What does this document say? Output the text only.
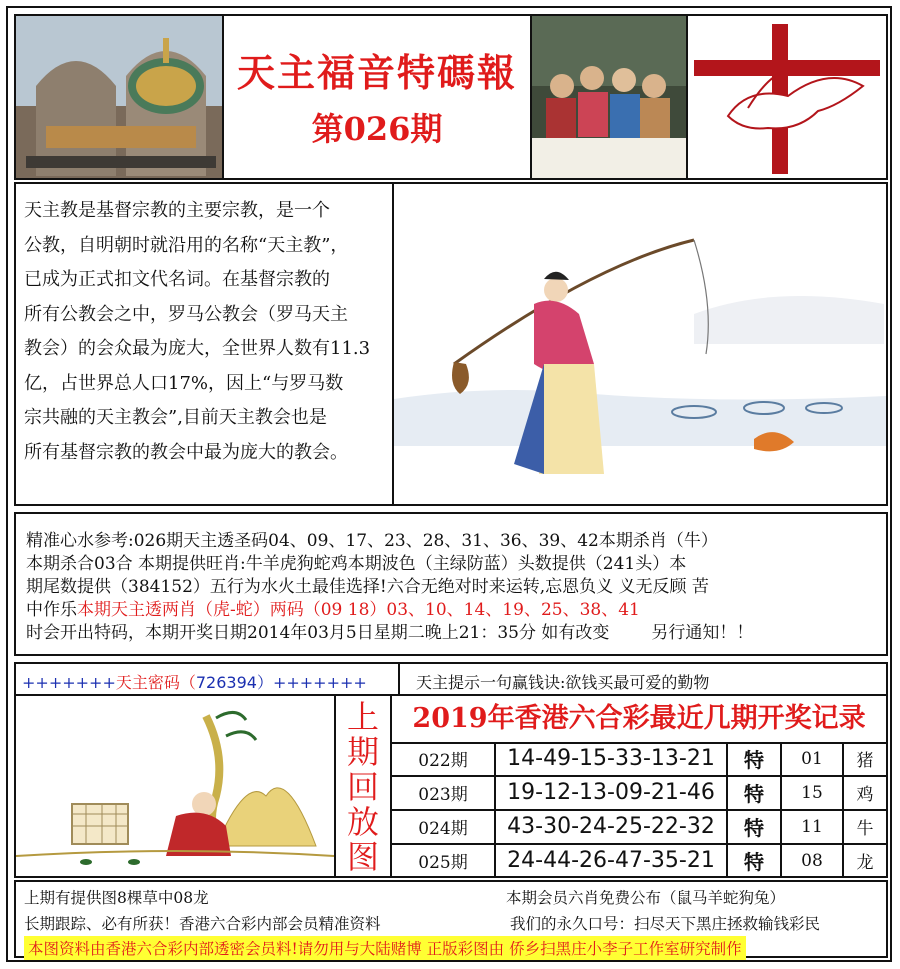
天主福音特碼報
第026期

天主教是基督宗教的主要宗教，是一个

公教，自明朝时就沿用的名称“天主教”，

已成为正式扣文代名词。在基督宗教的

所有公教会之中，罗马公教会（罗马天主

教会）的会众最为庞大，全世界人数有11.3

亿，占世界总人口17%，因上“与罗马数

宗共融的天主教会”,目前天主教会也是

所有基督宗教的教会中最为庞大的教会。

精准心水参考:026期天主透圣码04、09、17、23、28、31、36、39、42本期杀肖（牛）
本期杀合03合 本期提供旺肖:牛羊虎狗蛇鸡本期波色（主绿防蓝）头数提供（241头）本
期尾数提供（384152）五行为水火土最佳选择!六合无绝对时来运转,忘恩负义 义无反顾 苦
中作乐本期天主透两肖（虎-蛇）两码（09 18）03、10、14、19、25、38、41
时会开出特码，本期开奖日期2014年03月5日星期二晚上21：35分 如有改变 另行通知！！
+++++++天主密码（726394）+++++++	天主提示一句赢钱诀:欲钱买最可爱的勤物
上
期
回
放
图
2019年香港六合彩最近几期开奖记录
022期	14-49-15-33-13-21	特	01	猪
023期	19-12-13-09-21-46	特	15	鸡
024期	43-30-24-25-22-32	特	11	牛
025期	24-44-26-47-35-21	特	08	龙
上期有提供图8棵草中08龙	本期会员六肖免费公布（鼠马羊蛇狗兔）
长期跟踪、必有所获！香港六合彩内部会员精准资料	我们的永久口号：扫尽天下黑庄拯救输钱彩民
本图资料由香港六合彩内部透密会员料!请勿用与大陆赌博 正版彩图由 侨乡扫黑庄小李子工作室研究制作
